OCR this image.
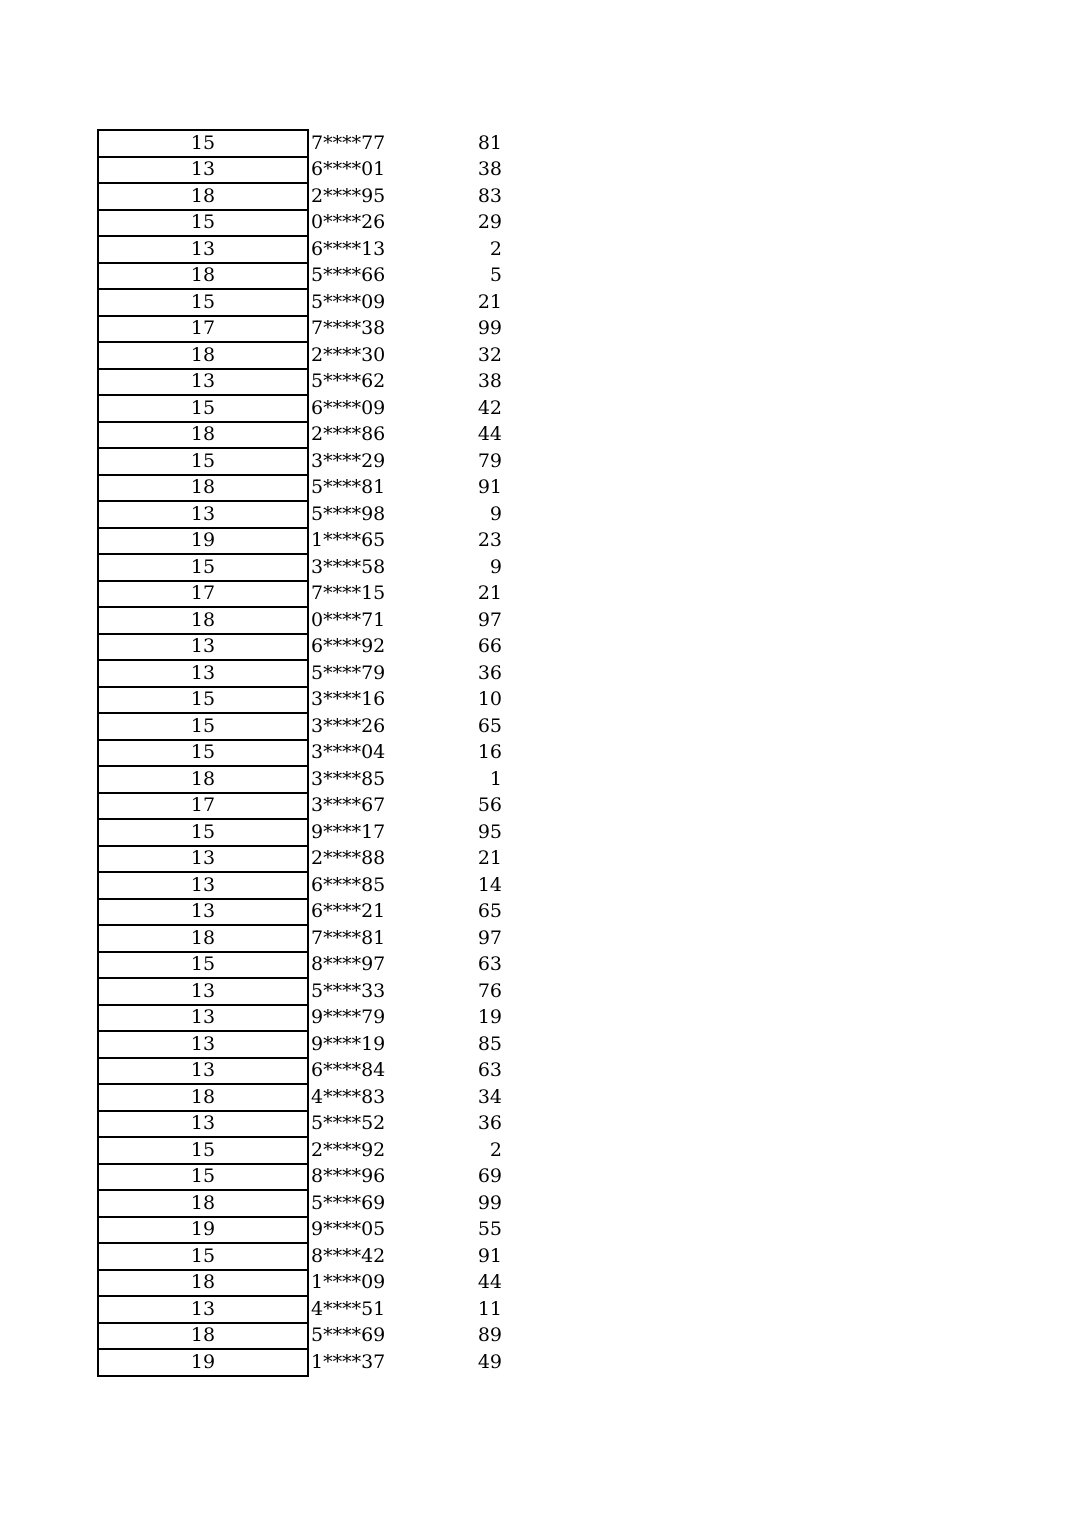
15	7****77	81
13	6****01	38
18	2****95	83
15	0****26	29
13	6****13	2
18	5****66	5
15	5****09	21
17	7****38	99
18	2****30	32
13	5****62	38
15	6****09	42
18	2****86	44
15	3****29	79
18	5****81	91
13	5****98	9
19	1****65	23
15	3****58	9
17	7****15	21
18	0****71	97
13	6****92	66
13	5****79	36
15	3****16	10
15	3****26	65
15	3****04	16
18	3****85	1
17	3****67	56
15	9****17	95
13	2****88	21
13	6****85	14
13	6****21	65
18	7****81	97
15	8****97	63
13	5****33	76
13	9****79	19
13	9****19	85
13	6****84	63
18	4****83	34
13	5****52	36
15	2****92	2
15	8****96	69
18	5****69	99
19	9****05	55
15	8****42	91
18	1****09	44
13	4****51	11
18	5****69	89
19	1****37	49
